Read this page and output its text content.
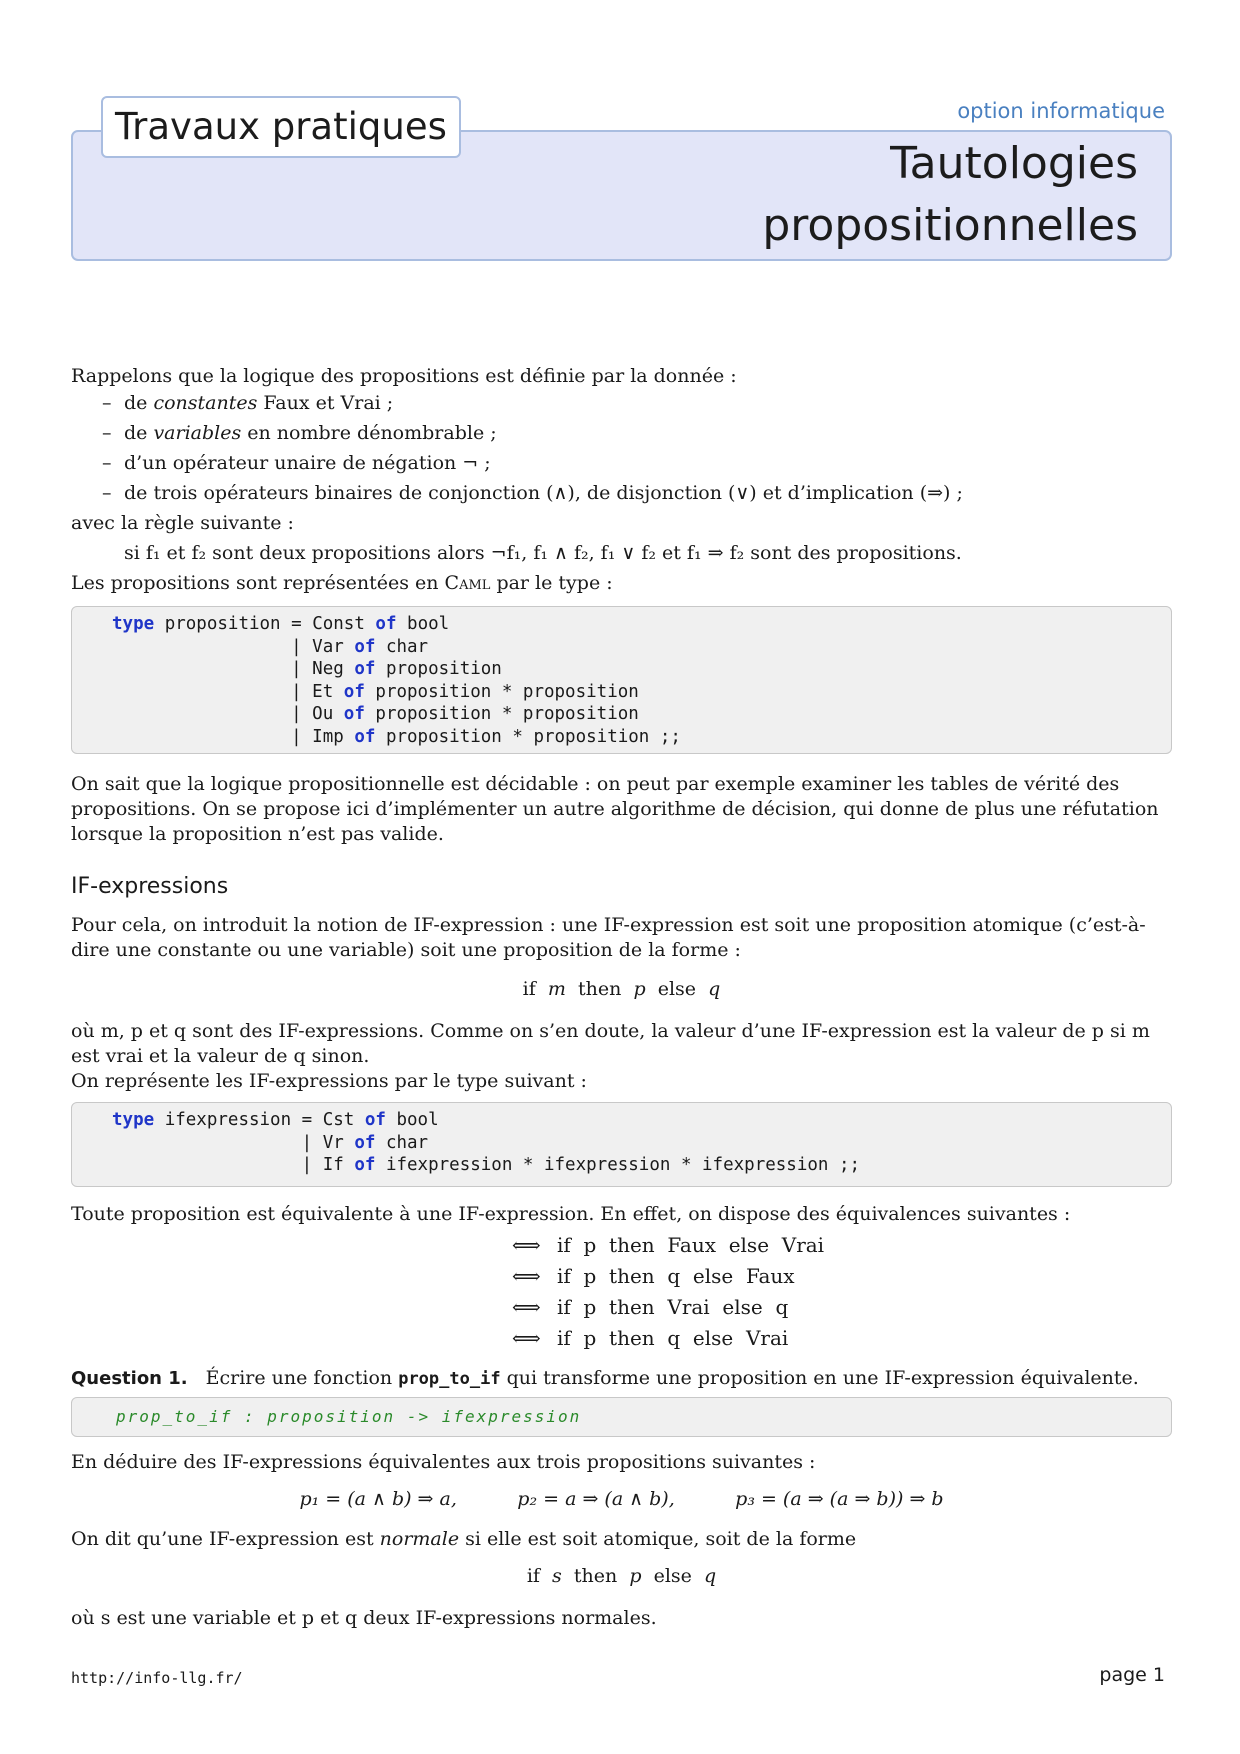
Travaux pratiques	option informatique
Tautologies
propositionnelles
Rappelons que la logique des propositions est définie par la donnée :
– de constantes Faux et Vrai ;
– de variables en nombre dénombrable ;
– d’un opérateur unaire de négation ¬ ;
– de trois opérateurs binaires de conjonction (∧), de disjonction (∨) et d’implication (⇒) ;
avec la règle suivante :
si f₁ et f₂ sont deux propositions alors ¬f₁, f₁ ∧ f₂, f₁ ∨ f₂ et f₁ ⇒ f₂ sont des propositions.
Les propositions sont représentées en Caml par le type :
type proposition = Const of bool
| Var of char
| Neg of proposition
| Et of proposition * proposition
| Ou of proposition * proposition
| Imp of proposition * proposition ;;
On sait que la logique propositionnelle est décidable : on peut par exemple examiner les tables de vérité des propositions. On se propose ici d’implémenter un autre algorithme de décision, qui donne de plus une réfutation lorsque la proposition n’est pas valide.
IF-expressions
Pour cela, on introduit la notion de IF-expression : une IF-expression est soit une proposition atomique (c’est-à-dire une constante ou une variable) soit une proposition de la forme :
if m then p else q
où m, p et q sont des IF-expressions. Comme on s’en doute, la valeur d’une IF-expression est la valeur de p si m est vrai et la valeur de q sinon.
On représente les IF-expressions par le type suivant :
type ifexpression = Cst of bool
| Vr of char
| If of ifexpression * ifexpression * ifexpression ;;
Toute proposition est équivalente à une IF-expression. En effet, on dispose des équivalences suivantes :
⟺ if  p  then  Faux  else  Vrai
⟺ if  p  then  q  else  Faux
⟺ if  p  then  Vrai  else  q
⟺ if  p  then  q  else  Vrai
Question 1. Écrire une fonction prop_to_if qui transforme une proposition en une IF-expression équivalente.
prop_to_if : proposition -> ifexpression
En déduire des IF-expressions équivalentes aux trois propositions suivantes :
p₁ = (a ∧ b) ⇒ a,	p₂ = a ⇒ (a ∧ b),	p₃ = (a ⇒ (a ⇒ b)) ⇒ b
On dit qu’une IF-expression est normale si elle est soit atomique, soit de la forme
if s then p else q
où s est une variable et p et q deux IF-expressions normales.
http://info-llg.fr/	page 1
